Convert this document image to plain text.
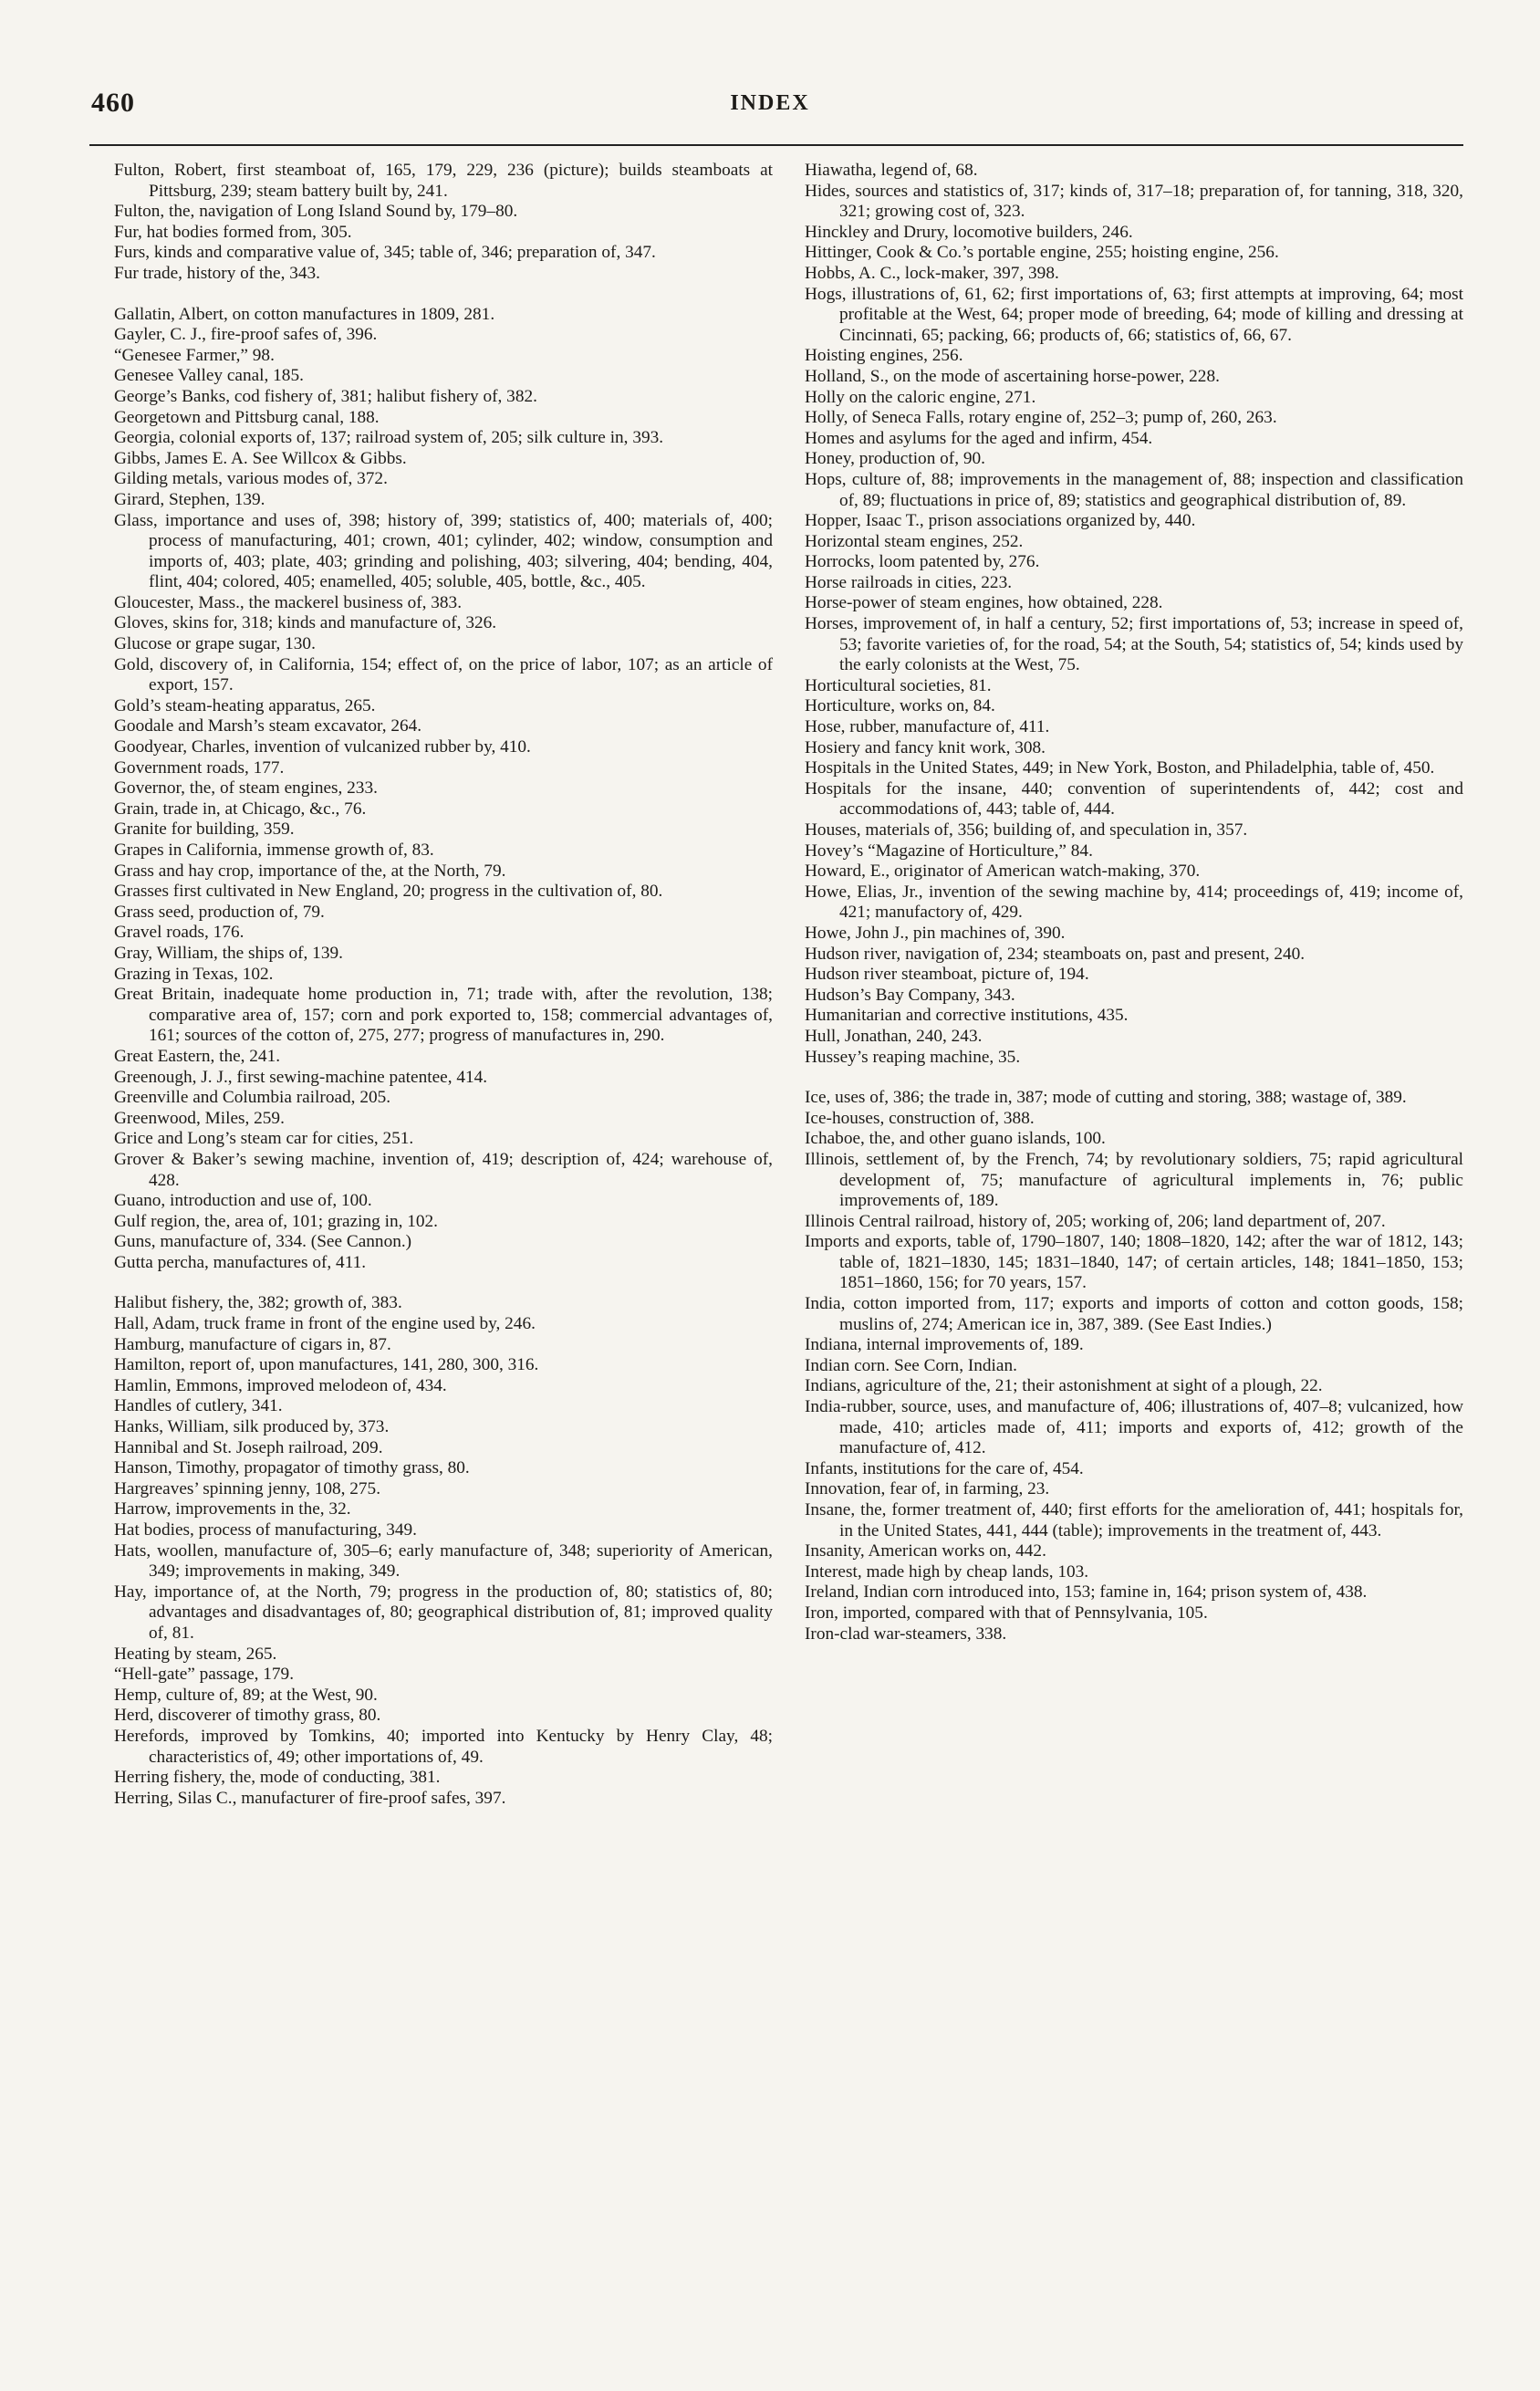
460	INDEX

Fulton, Robert, first steamboat of, 165, 179, 229, 236 (picture); builds steamboats at Pittsburg, 239; steam battery built by, 241.

Fulton, the, navigation of Long Island Sound by, 179–80.

Fur, hat bodies formed from, 305.

Furs, kinds and comparative value of, 345; table of, 346; preparation of, 347.

Fur trade, history of the, 343.

Gallatin, Albert, on cotton manufactures in 1809, 281.

Gayler, C. J., fire-proof safes of, 396.

“Genesee Farmer,” 98.

Genesee Valley canal, 185.

George’s Banks, cod fishery of, 381; halibut fishery of, 382.

Georgetown and Pittsburg canal, 188.

Georgia, colonial exports of, 137; railroad system of, 205; silk culture in, 393.

Gibbs, James E. A. See Willcox & Gibbs.

Gilding metals, various modes of, 372.

Girard, Stephen, 139.

Glass, importance and uses of, 398; history of, 399; statistics of, 400; materials of, 400; process of manufacturing, 401; crown, 401; cylinder, 402; window, consumption and imports of, 403; plate, 403; grinding and polishing, 403; silvering, 404; bending, 404, flint, 404; colored, 405; enamelled, 405; soluble, 405, bottle, &c., 405.

Gloucester, Mass., the mackerel business of, 383.

Gloves, skins for, 318; kinds and manufacture of, 326.

Glucose or grape sugar, 130.

Gold, discovery of, in California, 154; effect of, on the price of labor, 107; as an article of export, 157.

Gold’s steam-heating apparatus, 265.

Goodale and Marsh’s steam excavator, 264.

Goodyear, Charles, invention of vulcanized rubber by, 410.

Government roads, 177.

Governor, the, of steam engines, 233.

Grain, trade in, at Chicago, &c., 76.

Granite for building, 359.

Grapes in California, immense growth of, 83.

Grass and hay crop, importance of the, at the North, 79.

Grasses first cultivated in New England, 20; progress in the cultivation of, 80.

Grass seed, production of, 79.

Gravel roads, 176.

Gray, William, the ships of, 139.

Grazing in Texas, 102.

Great Britain, inadequate home production in, 71; trade with, after the revolution, 138; comparative area of, 157; corn and pork exported to, 158; commercial advantages of, 161; sources of the cotton of, 275, 277; progress of manufactures in, 290.

Great Eastern, the, 241.

Greenough, J. J., first sewing-machine patentee, 414.

Greenville and Columbia railroad, 205.

Greenwood, Miles, 259.

Grice and Long’s steam car for cities, 251.

Grover & Baker’s sewing machine, invention of, 419; description of, 424; warehouse of, 428.

Guano, introduction and use of, 100.

Gulf region, the, area of, 101; grazing in, 102.

Guns, manufacture of, 334. (See Cannon.)

Gutta percha, manufactures of, 411.

Halibut fishery, the, 382; growth of, 383.

Hall, Adam, truck frame in front of the engine used by, 246.

Hamburg, manufacture of cigars in, 87.

Hamilton, report of, upon manufactures, 141, 280, 300, 316.

Hamlin, Emmons, improved melodeon of, 434.

Handles of cutlery, 341.

Hanks, William, silk produced by, 373.

Hannibal and St. Joseph railroad, 209.

Hanson, Timothy, propagator of timothy grass, 80.

Hargreaves’ spinning jenny, 108, 275.

Harrow, improvements in the, 32.

Hat bodies, process of manufacturing, 349.

Hats, woollen, manufacture of, 305–6; early manufacture of, 348; superiority of American, 349; improvements in making, 349.

Hay, importance of, at the North, 79; progress in the production of, 80; statistics of, 80; advantages and disadvantages of, 80; geographical distribution of, 81; improved quality of, 81.

Heating by steam, 265.

“Hell-gate” passage, 179.

Hemp, culture of, 89; at the West, 90.

Herd, discoverer of timothy grass, 80.

Herefords, improved by Tomkins, 40; imported into Kentucky by Henry Clay, 48; characteristics of, 49; other importations of, 49.

Herring fishery, the, mode of conducting, 381.

Herring, Silas C., manufacturer of fire-proof safes, 397.

Hiawatha, legend of, 68.

Hides, sources and statistics of, 317; kinds of, 317–18; preparation of, for tanning, 318, 320, 321; growing cost of, 323.

Hinckley and Drury, locomotive builders, 246.

Hittinger, Cook & Co.’s portable engine, 255; hoisting engine, 256.

Hobbs, A. C., lock-maker, 397, 398.

Hogs, illustrations of, 61, 62; first importations of, 63; first attempts at improving, 64; most profitable at the West, 64; proper mode of breeding, 64; mode of killing and dressing at Cincinnati, 65; packing, 66; products of, 66; statistics of, 66, 67.

Hoisting engines, 256.

Holland, S., on the mode of ascertaining horse-power, 228.

Holly on the caloric engine, 271.

Holly, of Seneca Falls, rotary engine of, 252–3; pump of, 260, 263.

Homes and asylums for the aged and infirm, 454.

Honey, production of, 90.

Hops, culture of, 88; improvements in the management of, 88; inspection and classification of, 89; fluctuations in price of, 89; statistics and geographical distribution of, 89.

Hopper, Isaac T., prison associations organized by, 440.

Horizontal steam engines, 252.

Horrocks, loom patented by, 276.

Horse railroads in cities, 223.

Horse-power of steam engines, how obtained, 228.

Horses, improvement of, in half a century, 52; first importations of, 53; increase in speed of, 53; favorite varieties of, for the road, 54; at the South, 54; statistics of, 54; kinds used by the early colonists at the West, 75.

Horticultural societies, 81.

Horticulture, works on, 84.

Hose, rubber, manufacture of, 411.

Hosiery and fancy knit work, 308.

Hospitals in the United States, 449; in New York, Boston, and Philadelphia, table of, 450.

Hospitals for the insane, 440; convention of superintendents of, 442; cost and accommodations of, 443; table of, 444.

Houses, materials of, 356; building of, and speculation in, 357.

Hovey’s “Magazine of Horticulture,” 84.

Howard, E., originator of American watch-making, 370.

Howe, Elias, Jr., invention of the sewing machine by, 414; proceedings of, 419; income of, 421; manufactory of, 429.

Howe, John J., pin machines of, 390.

Hudson river, navigation of, 234; steamboats on, past and present, 240.

Hudson river steamboat, picture of, 194.

Hudson’s Bay Company, 343.

Humanitarian and corrective institutions, 435.

Hull, Jonathan, 240, 243.

Hussey’s reaping machine, 35.

Ice, uses of, 386; the trade in, 387; mode of cutting and storing, 388; wastage of, 389.

Ice-houses, construction of, 388.

Ichaboe, the, and other guano islands, 100.

Illinois, settlement of, by the French, 74; by revolutionary soldiers, 75; rapid agricultural development of, 75; manufacture of agricultural implements in, 76; public improvements of, 189.

Illinois Central railroad, history of, 205; working of, 206; land department of, 207.

Imports and exports, table of, 1790–1807, 140; 1808–1820, 142; after the war of 1812, 143; table of, 1821–1830, 145; 1831–1840, 147; of certain articles, 148; 1841–1850, 153; 1851–1860, 156; for 70 years, 157.

India, cotton imported from, 117; exports and imports of cotton and cotton goods, 158; muslins of, 274; American ice in, 387, 389. (See East Indies.)

Indiana, internal improvements of, 189.

Indian corn. See Corn, Indian.

Indians, agriculture of the, 21; their astonishment at sight of a plough, 22.

India-rubber, source, uses, and manufacture of, 406; illustrations of, 407–8; vulcanized, how made, 410; articles made of, 411; imports and exports of, 412; growth of the manufacture of, 412.

Infants, institutions for the care of, 454.

Innovation, fear of, in farming, 23.

Insane, the, former treatment of, 440; first efforts for the amelioration of, 441; hospitals for, in the United States, 441, 444 (table); improvements in the treatment of, 443.

Insanity, American works on, 442.

Interest, made high by cheap lands, 103.

Ireland, Indian corn introduced into, 153; famine in, 164; prison system of, 438.

Iron, imported, compared with that of Pennsylvania, 105.

Iron-clad war-steamers, 338.
